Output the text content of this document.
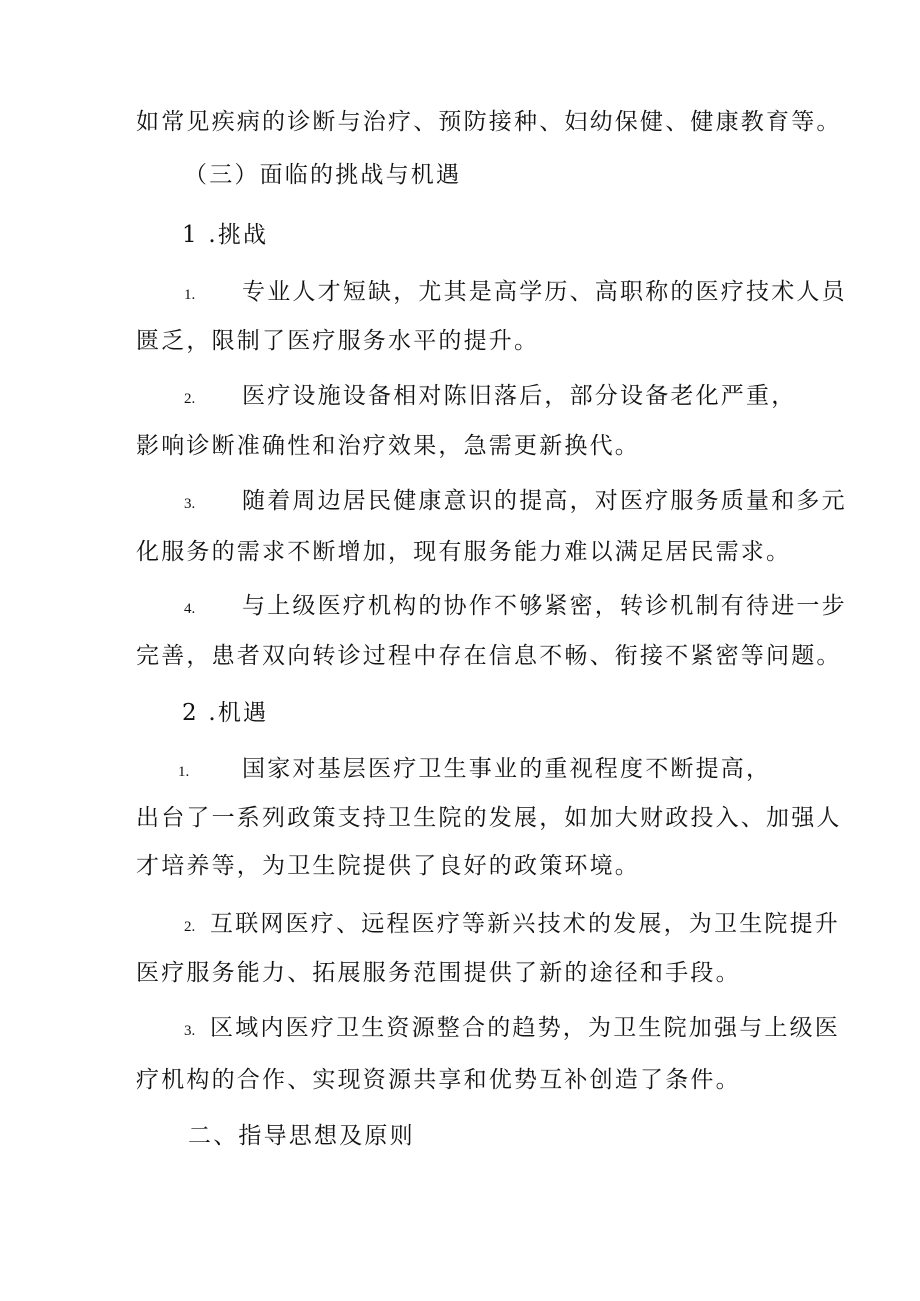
如常见疾病的诊断与治疗、预防接种、妇幼保健、健康教育等。
（三）面临的挑战与机遇
1 .挑战
1. 专业人才短缺，尤其是高学历、高职称的医疗技术人员
匮乏，限制了医疗服务水平的提升。
2. 医疗设施设备相对陈旧落后，部分设备老化严重，
影响诊断准确性和治疗效果，急需更新换代。
3. 随着周边居民健康意识的提高，对医疗服务质量和多元
化服务的需求不断增加，现有服务能力难以满足居民需求。
4. 与上级医疗机构的协作不够紧密，转诊机制有待进一步
完善，患者双向转诊过程中存在信息不畅、衔接不紧密等问题。
2 .机遇
1. 国家对基层医疗卫生事业的重视程度不断提高，
出台了一系列政策支持卫生院的发展，如加大财政投入、加强人
才培养等，为卫生院提供了良好的政策环境。
2. 互联网医疗、远程医疗等新兴技术的发展，为卫生院提升
医疗服务能力、拓展服务范围提供了新的途径和手段。
3. 区域内医疗卫生资源整合的趋势，为卫生院加强与上级医
疗机构的合作、实现资源共享和优势互补创造了条件。
二、指导思想及原则
